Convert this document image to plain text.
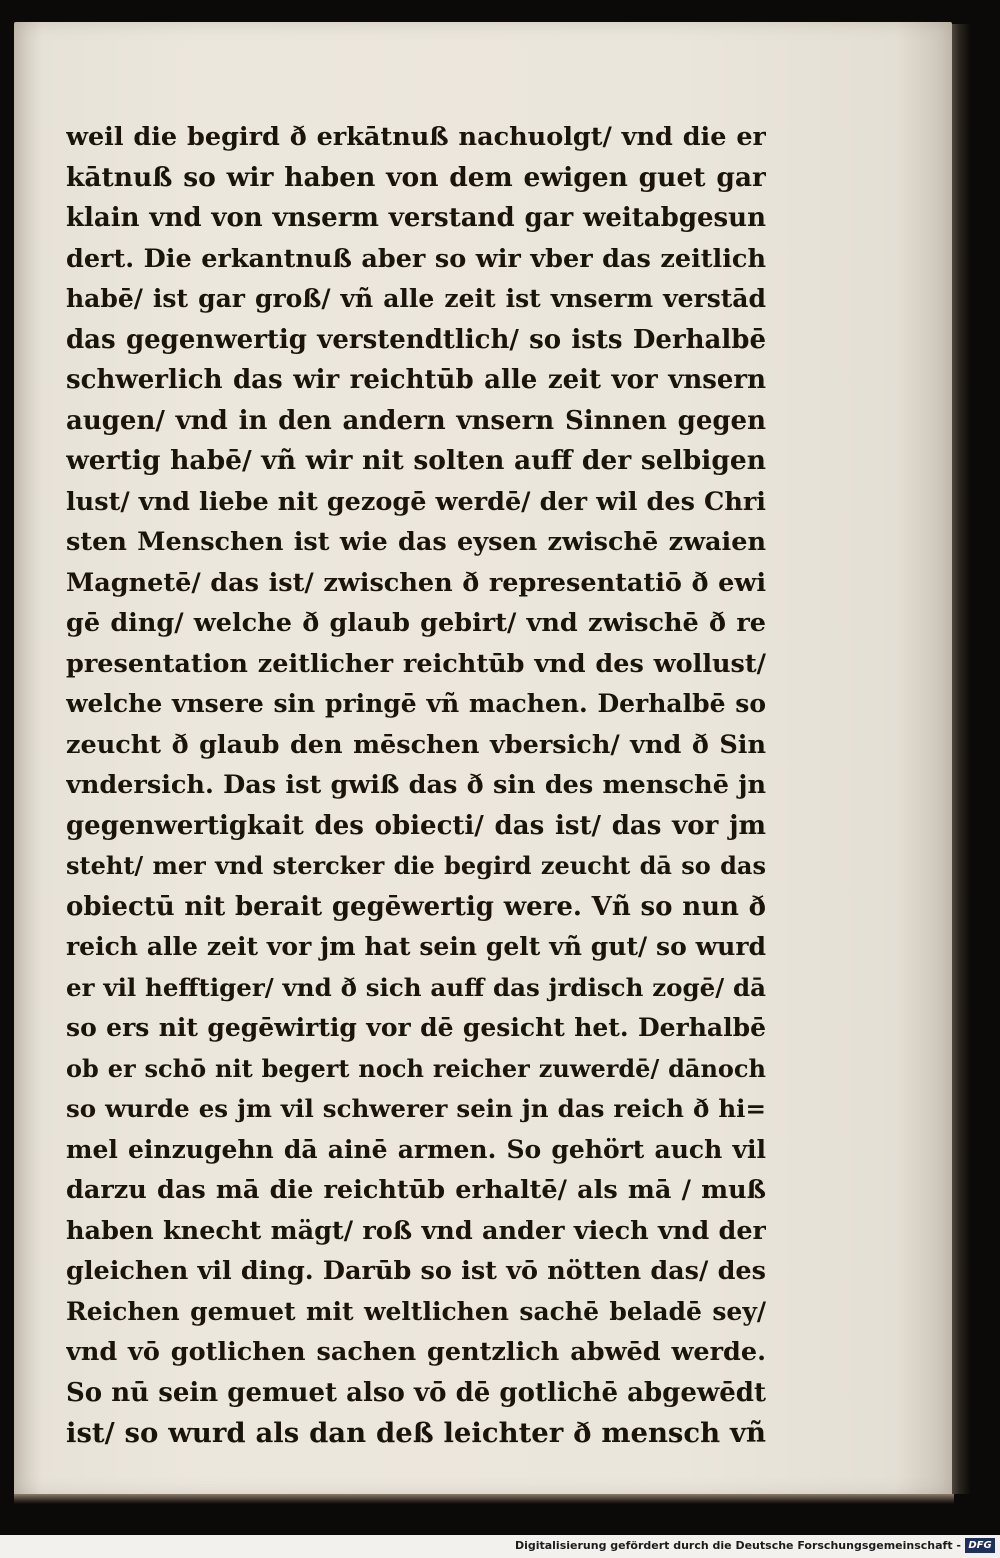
weil die begird ð erkātnuß nachuolgt/ vnd die er
kātnuß so wir haben von dem ewigen guet gar
klain vnd von vnserm verstand gar weitabgesun
dert. Die erkantnuß aber so wir vber das zeitlich
habē/ ist gar groß/ vñ alle zeit ist vnserm verstād
das gegenwertig verstendtlich/ so ists Derhalbē
schwerlich das wir reichtūb alle zeit vor vnsern
augen/ vnd in den andern vnsern Sinnen gegen
wertig habē/ vñ wir nit solten auff der selbigen
lust/ vnd liebe nit gezogē werdē/ der wil des Chri
sten Menschen ist wie das eysen zwischē zwaien
Magnetē/ das ist/ zwischen ð representatiō ð ewi
gē ding/ welche ð glaub gebirt/ vnd zwischē ð re
presentation zeitlicher reichtūb vnd des wollust/
welche vnsere sin pringē vñ machen. Derhalbē so
zeucht ð glaub den mēschen vbersich/ vnd ð Sin
vndersich. Das ist gwiß das ð sin des menschē jn
gegenwertigkait des obiecti/ das ist/ das vor jm
steht/ mer vnd stercker die begird zeucht dā so das
obiectū nit berait gegēwertig were. Vñ so nun ð
reich alle zeit vor jm hat sein gelt vñ gut/ so wurd
er vil hefftiger/ vnd ð sich auff das jrdisch zogē/ dā
so ers nit gegēwirtig vor dē gesicht het. Derhalbē
ob er schō nit begert noch reicher zuwerdē/ dānoch
so wurde es jm vil schwerer sein jn das reich ð hi=
mel einzugehn dā ainē armen. So gehört auch vil
darzu das mā die reichtūb erhaltē/ als mā / muß
haben knecht mägt/ roß vnd ander viech vnd der
gleichen vil ding. Darūb so ist vō nötten das/ des
Reichen gemuet mit weltlichen sachē beladē sey/
vnd vō gotlichen sachen gentzlich abwēd werde.
So nū sein gemuet also vō dē gotlichē abgewēdt
ist/ so wurd als dan deß leichter ð mensch vñ
Digitalisierung gefördert durch die Deutsche Forschungsgemeinschaft - DFG
